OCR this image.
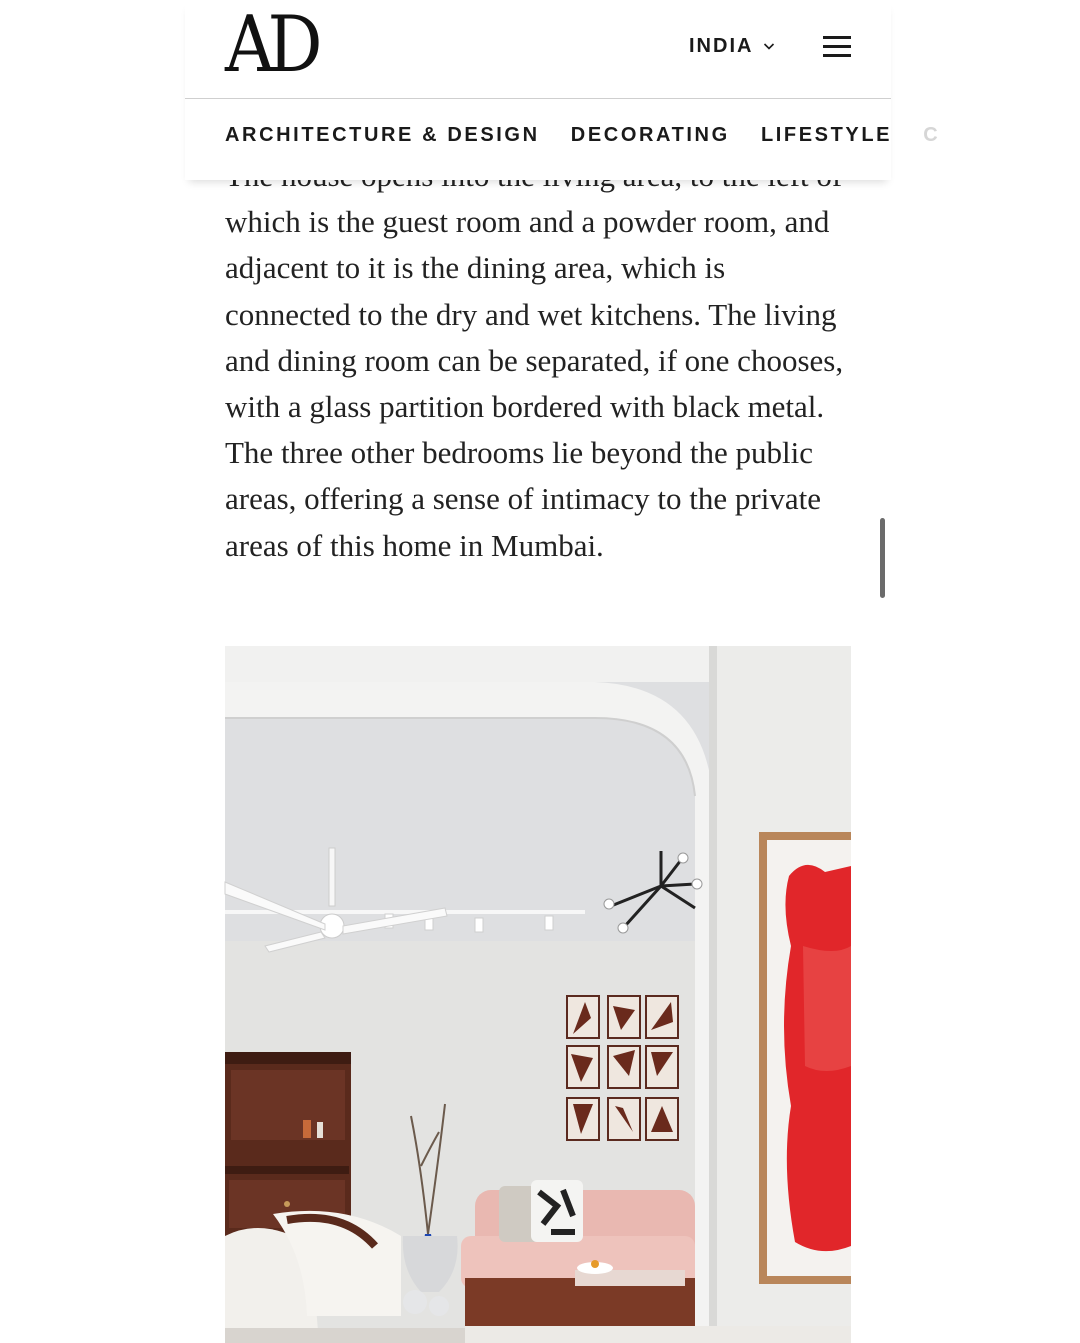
AD	INDIA
ARCHITECTURE & DESIGN DECORATING LIFESTYLE C

which is the guest room and a powder room, and adjacent to it is the dining area, which is connected to the dry and wet kitchens. The living and dining room can be separated, if one chooses, with a glass partition bordered with black metal. The three other bedrooms lie beyond the public areas, offering a sense of intimacy to the private areas of this home in Mumbai.
